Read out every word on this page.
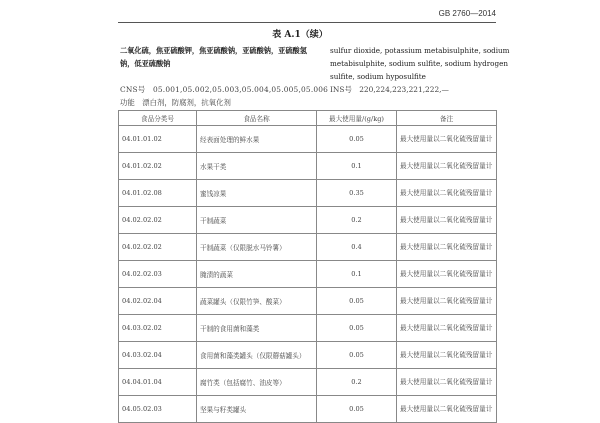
GB 2760—2014
表 A.1（续）
二氧化硫，焦亚硫酸钾，焦亚硫酸钠，亚硫酸钠，亚硫酸氢钠，低亚硫酸钠
sulfur dioxide, potassium metabisulphite, sodium metabisulphite, sodium sulfite, sodium hydrogen sulfite, sodium hyposulfite
CNS号　05.001,05.002,05.003,05.004,05.005,05.006 INS号　220,224,223,221,222,—
功能　漂白剂，防腐剂，抗氧化剂
食品分类号	食品名称	最大使用量/(g/kg)	备注
04.01.01.02	经表面处理的鲜水果	0.05	最大使用量以二氧化硫残留量计
04.01.02.02	水果干类	0.1	最大使用量以二氧化硫残留量计
04.01.02.08	蜜饯凉果	0.35	最大使用量以二氧化硫残留量计
04.02.02.02	干制蔬菜	0.2	最大使用量以二氧化硫残留量计
04.02.02.02	干制蔬菜（仅限脱水马铃薯）	0.4	最大使用量以二氧化硫残留量计
04.02.02.03	腌渍的蔬菜	0.1	最大使用量以二氧化硫残留量计
04.02.02.04	蔬菜罐头（仅限竹笋、酸菜）	0.05	最大使用量以二氧化硫残留量计
04.03.02.02	干制的食用菌和藻类	0.05	最大使用量以二氧化硫残留量计
04.03.02.04	食用菌和藻类罐头（仅限蘑菇罐头）	0.05	最大使用量以二氧化硫残留量计
04.04.01.04	腐竹类（包括腐竹、油皮等）	0.2	最大使用量以二氧化硫残留量计
04.05.02.03	坚果与籽类罐头	0.05	最大使用量以二氧化硫残留量计
